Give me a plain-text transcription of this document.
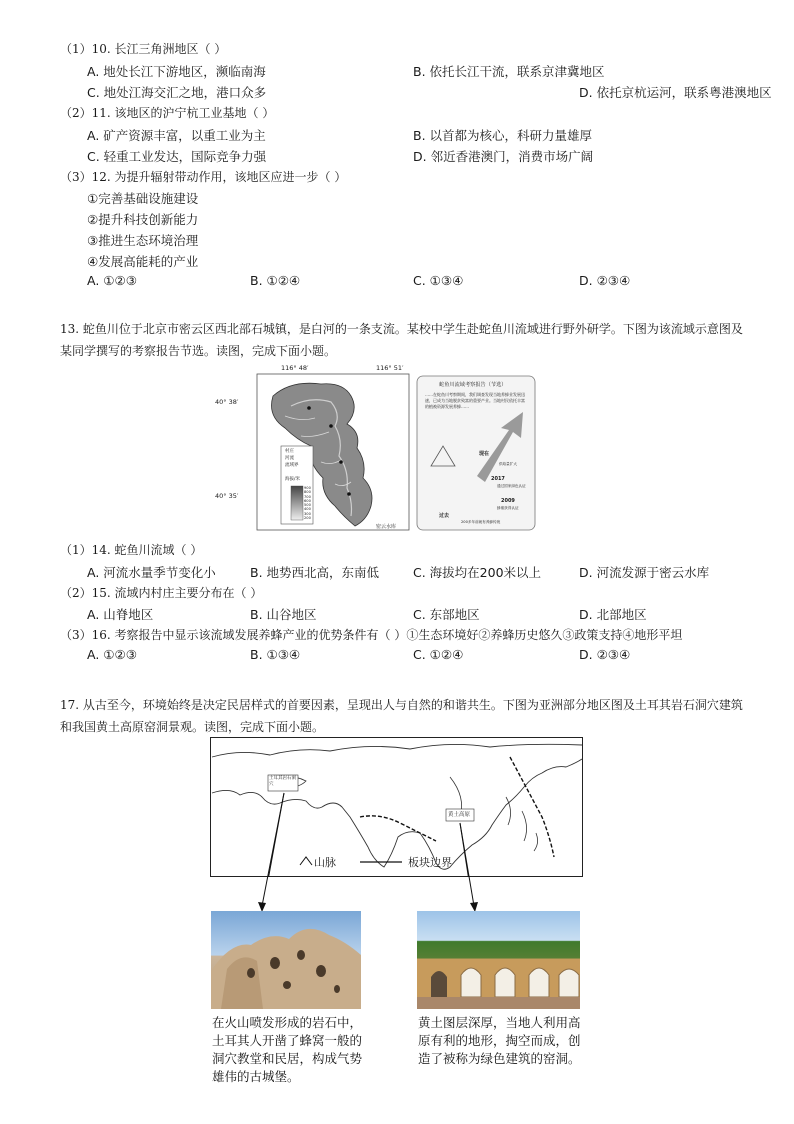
（1）10. 长江三角洲地区（ ）
A. 地处长江下游地区，濒临南海	B. 依托长江干流，联系京津冀地区
C. 地处江海交汇之地，港口众多	D. 依托京杭运河，联系粤港澳地区
（2）11. 该地区的沪宁杭工业基地（ ）
A. 矿产资源丰富，以重工业为主	B. 以首都为核心，科研力量雄厚
C. 轻重工业发达，国际竞争力强	D. 邻近香港澳门，消费市场广阔
（3）12. 为提升辐射带动作用，该地区应进一步（ ）
①完善基础设施建设
②提升科技创新能力
③推进生态环境治理
④发展高能耗的产业
A. ①②③	B. ①②④	C. ①③④	D. ②③④
13. 蛇鱼川位于北京市密云区西北部石城镇，是白河的一条支流。某校中学生赴蛇鱼川流域进行野外研学。下图为该流域示意图及某同学撰写的考察报告节选。读图，完成下面小题。
116° 48′	116° 51′
40° 38′
40° 35′
村庄
河流
流域界
海拔/米
900
800
700
600
500
400
300
200
密云水库
蛇鱼川流域考察报告（节选）
……在蛇鱼川考察期间，我们调查发现当地养蜂业发展迅速，已成为当地脱贫致富的重要产业。当地村民依托丰富的植被资源发展养蜂……
2009
2017
现在
过去
200多年前就有养蜂传统
蜂蜜获得认证
通过国家绿色认证
供给量扩大
（1）14. 蛇鱼川流域（ ）
A. 河流水量季节变化小	B. 地势西北高，东南低	C. 海拔均在200米以上	D. 河流发源于密云水库
（2）15. 流域内村庄主要分布在（ ）
A. 山脊地区	B. 山谷地区	C. 东部地区	D. 北部地区
（3）16. 考察报告中显示该流域发展养蜂产业的优势条件有（ ）①生态环境好②养蜂历史悠久③政策支持④地形平坦
A. ①②③	B. ①③④	C. ①②④	D. ②③④
17. 从古至今，环境始终是决定民居样式的首要因素，呈现出人与自然的和谐共生。下图为亚洲部分地区图及土耳其岩石洞穴建筑和我国黄土高原窑洞景观。读图，完成下面小题。
土耳其岩石洞穴
黄土高原
山脉	板块边界
在火山喷发形成的岩石中，土耳其人开凿了蜂窝一般的洞穴教堂和民居，构成气势雄伟的古城堡。
黄土图层深厚，当地人利用高原有利的地形，掏空而成，创造了被称为绿色建筑的窑洞。
